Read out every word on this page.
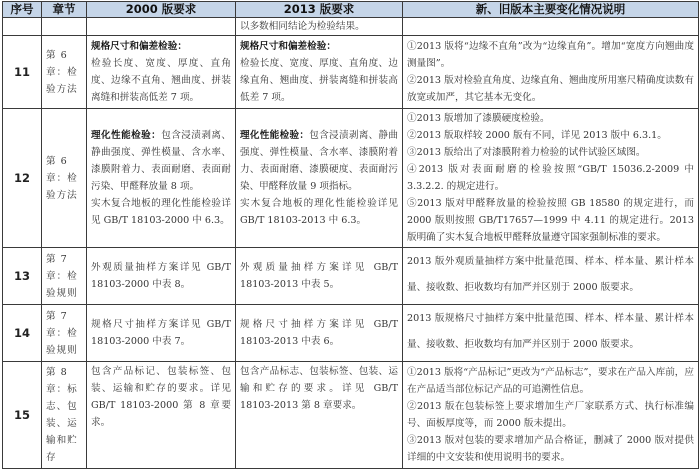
序号	章节	2000 版要求	2013 版要求	新、旧版本主要变化情况说明
			以多数相同结论为检验结果。	
11	第 6 章：检验方法	规格尺寸和偏差检验：
检验长度、宽度、厚度、直角度、边缘不直角、翘曲度、拼装离缝和拼装高低差 7 项。	规格尺寸和偏差检验：
检验长度、宽度、厚度、直角度、边缘直角、翘曲度、拼装离缝和拼装高低差 7 项。	①2013 版将“边缘不直角”改为“边缘直角”。增加“宽度方向翘曲度测量图”。
②2013 版对检验直角度、边缘直角、翘曲度所用塞尺精确度读数有放宽或加严，其它基本无变化。

12	第 6 章：检验方法	理化性能检验：包含浸渍剥离、静曲强度、弹性模量、含水率、漆膜附着力、表面耐磨、表面耐污染、甲醛释放量 8 项。
实木复合地板的理化性能检验详见 GB/T 18103-2000 中 6.3。	理化性能检验：包含浸渍剥离、静曲强度、弹性模量、含水率、漆膜附着力、表面耐磨、漆膜硬度、表面耐污染、甲醛释放量 9 项指标。
实木复合地板的理化性能检验详见 GB/T 18103-2013 中 6.3。	①2013 版增加了漆膜硬度检验。
②2013 版取样较 2000 版有不同，详见 2013 版中 6.3.1。
③2013 版给出了对漆膜附着力检验的试件试验区域图。
④2013 版对表面耐磨的检验按照“GB/T 15036.2-2009 中 3.3.2.2. 的规定进行。
⑤2013 版对甲醛释放量的检验按照 GB 18580 的规定进行，而 2000 版则按照 GB/T17657—1999 中 4.11 的规定进行。2013 版明确了实木复合地板甲醛释放量遵守国家强制标准的要求。

13	第 7 章：检验规则	外观质量抽样方案详见 GB/T 18103-2000 中表 8。	外观质量抽样方案详见 GB/T 18103-2013 中表 5。	2013 版外观质量抽样方案中批量范围、样本、样本量、累计样本量、接收数、拒收数均有加严并区别于 2000 版要求。

14	第 7 章：检验规则	规格尺寸抽样方案详见 GB/T 18103-2000 中表 7。	规格尺寸抽样方案详见 GB/T 18103-2013 中表 6。	2013 版规格尺寸抽样方案中批量范围、样本、样本量、累计样本量、接收数、拒收数均有加严并区别于 2000 版要求。

15	第 8 章：标志、包装、运输和贮存	包含产品标记、包装标签、包装、运输和贮存的要求。详见 GB/T 18103-2000 第 8 章要求。	包含产品标志、包装标签、包装、运输和贮存的要求。详见 GB/T 18103-2013 第 8 章要求。	①2013 版将“产品标记”更改为“产品标志”，要求在产品入库前，应在产品适当部位标记产品的可追溯性信息。
②2013 版在包装标签上要求增加生产厂家联系方式、执行标准编号、面板厚度等，而 2000 版未提出。
③2013 版对包装的要求增加产品合格证，删减了 2000 版对提供详细的中文安装和使用说明书的要求。
